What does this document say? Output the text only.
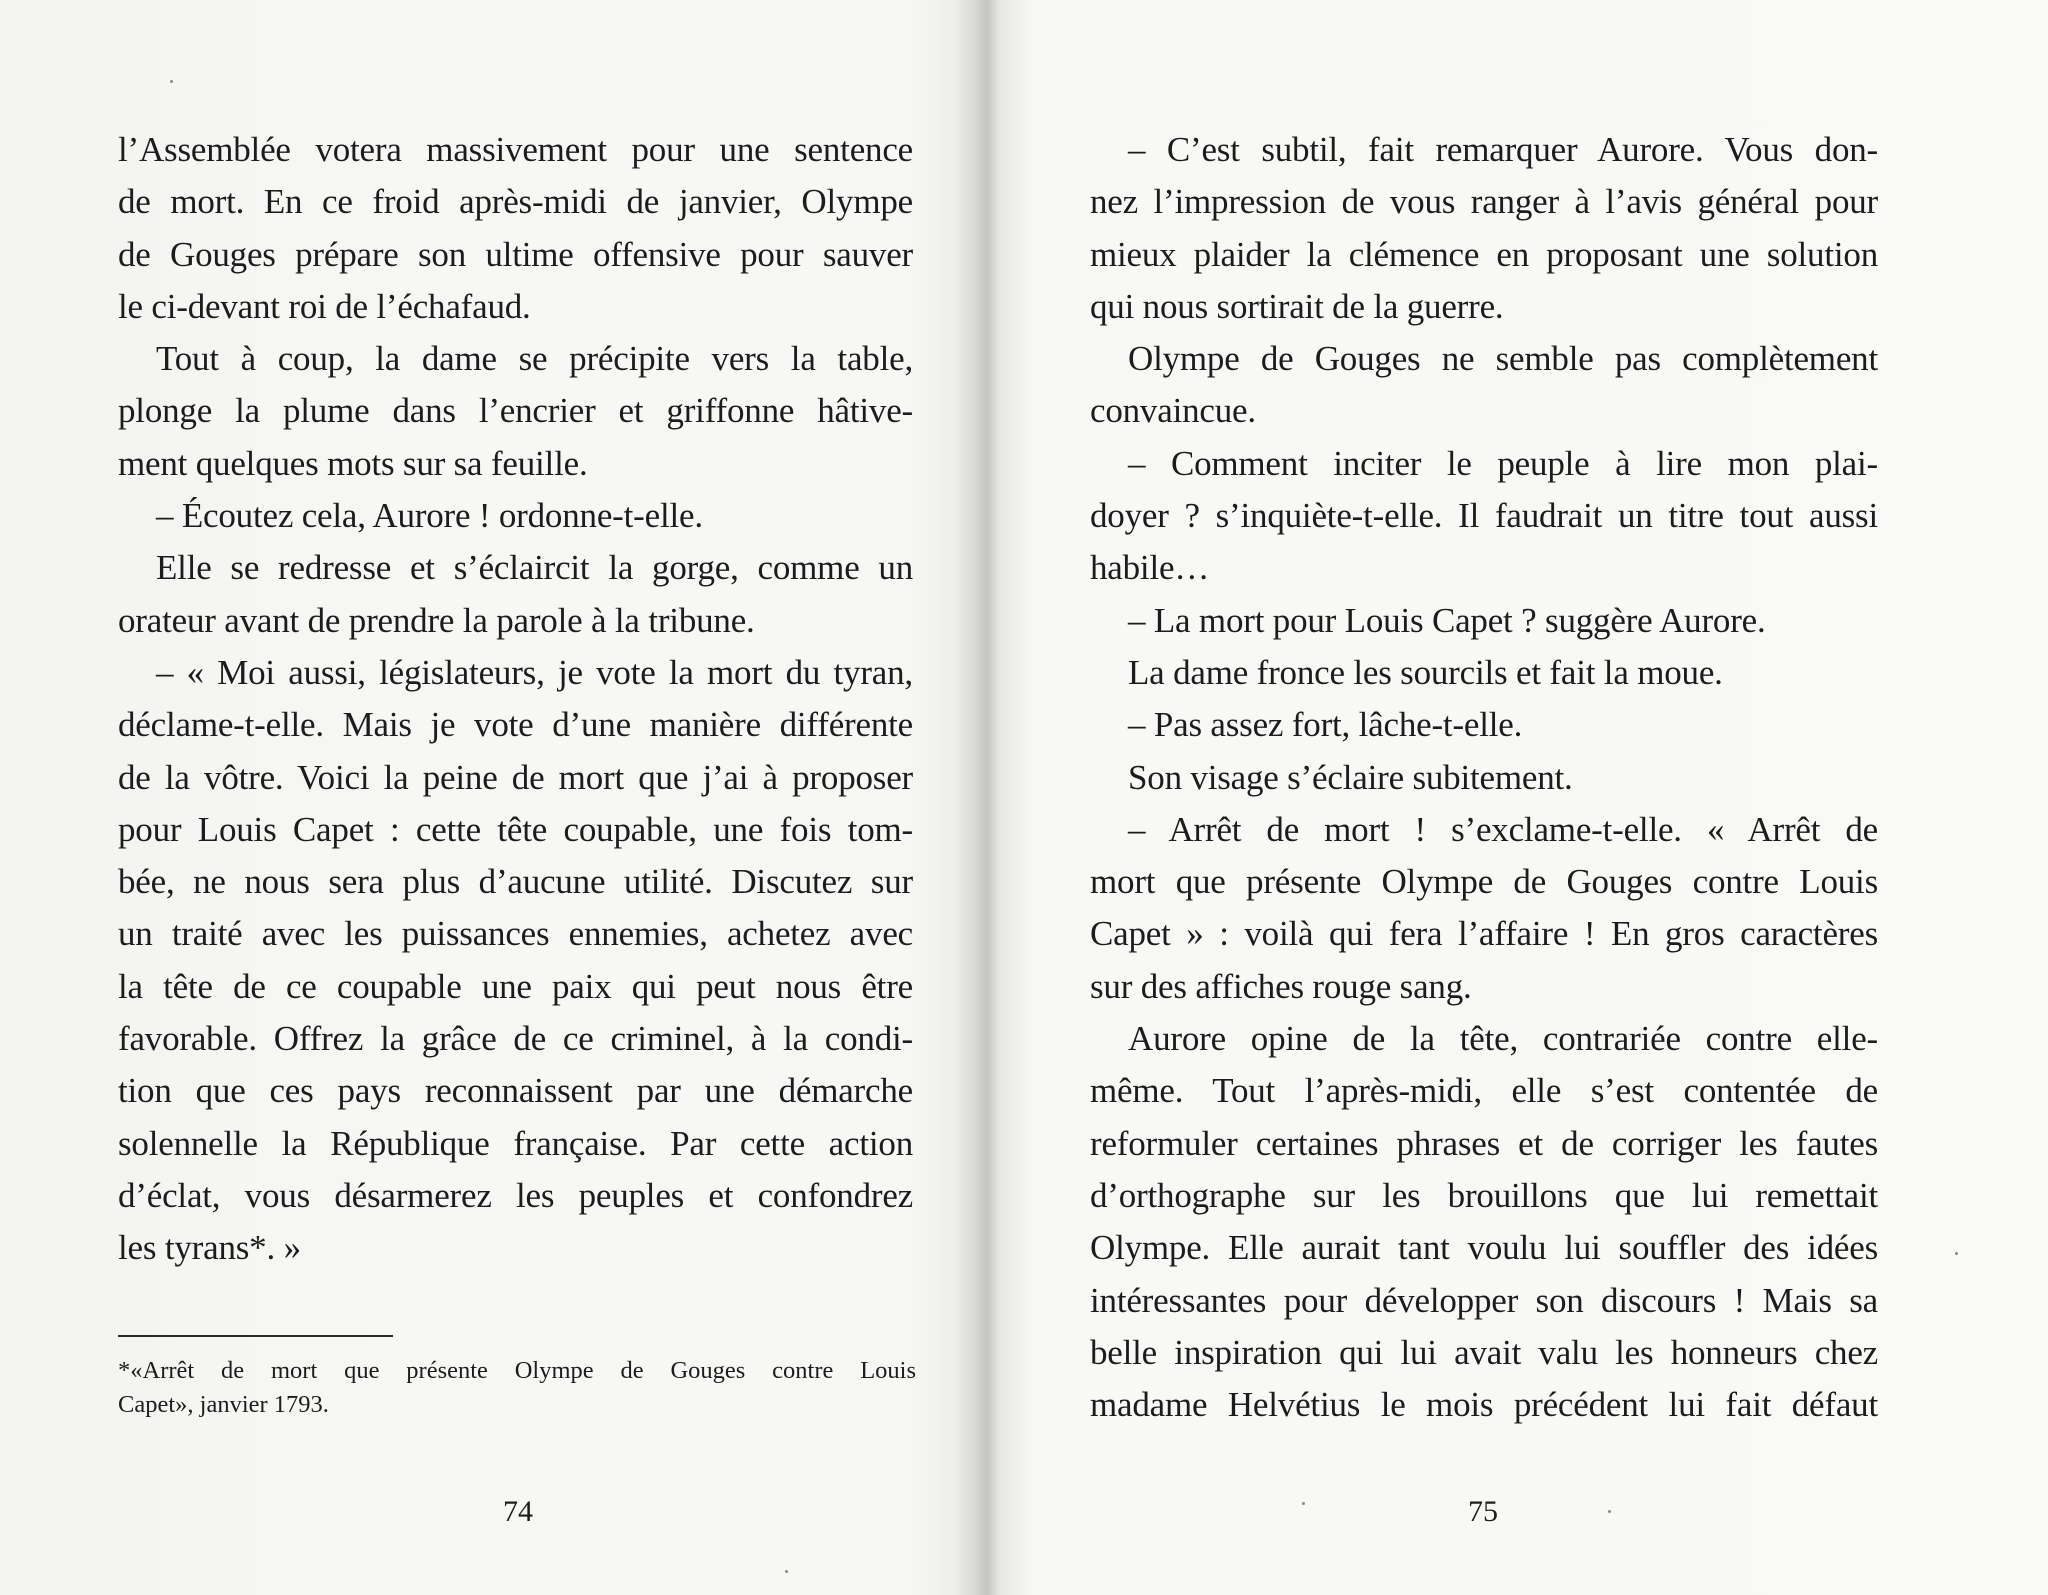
l’Assemblée votera massivement pour une sentence
de mort. En ce froid après-midi de janvier, Olympe
de Gouges prépare son ultime offensive pour sauver
le ci-devant roi de l’échafaud.
Tout à coup, la dame se précipite vers la table,
plonge la plume dans l’encrier et griffonne hâtive-
ment quelques mots sur sa feuille.
– Écoutez cela, Aurore ! ordonne-t-elle.
Elle se redresse et s’éclaircit la gorge, comme un
orateur avant de prendre la parole à la tribune.
– « Moi aussi, législateurs, je vote la mort du tyran,
déclame-t-elle. Mais je vote d’une manière différente
de la vôtre. Voici la peine de mort que j’ai à proposer
pour Louis Capet : cette tête coupable, une fois tom-
bée, ne nous sera plus d’aucune utilité. Discutez sur
un traité avec les puissances ennemies, achetez avec
la tête de ce coupable une paix qui peut nous être
favorable. Offrez la grâce de ce criminel, à la condi-
tion que ces pays reconnaissent par une démarche
solennelle la République française. Par cette action
d’éclat, vous désarmerez les peuples et confondrez
les tyrans*. »
*«Arrêt de mort que présente Olympe de Gouges contre Louis
Capet», janvier 1793.
74
– C’est subtil, fait remarquer Aurore. Vous don-
nez l’impression de vous ranger à l’avis général pour
mieux plaider la clémence en proposant une solution
qui nous sortirait de la guerre.
Olympe de Gouges ne semble pas complètement
convaincue.
– Comment inciter le peuple à lire mon plai-
doyer ? s’inquiète-t-elle. Il faudrait un titre tout aussi
habile…
– La mort pour Louis Capet ? suggère Aurore.
La dame fronce les sourcils et fait la moue.
– Pas assez fort, lâche-t-elle.
Son visage s’éclaire subitement.
– Arrêt de mort ! s’exclame-t-elle. « Arrêt de
mort que présente Olympe de Gouges contre Louis
Capet » : voilà qui fera l’affaire ! En gros caractères
sur des affiches rouge sang.
Aurore opine de la tête, contrariée contre elle-
même. Tout l’après-midi, elle s’est contentée de
reformuler certaines phrases et de corriger les fautes
d’orthographe sur les brouillons que lui remettait
Olympe. Elle aurait tant voulu lui souffler des idées
intéressantes pour développer son discours ! Mais sa
belle inspiration qui lui avait valu les honneurs chez
madame Helvétius le mois précédent lui fait défaut
75
